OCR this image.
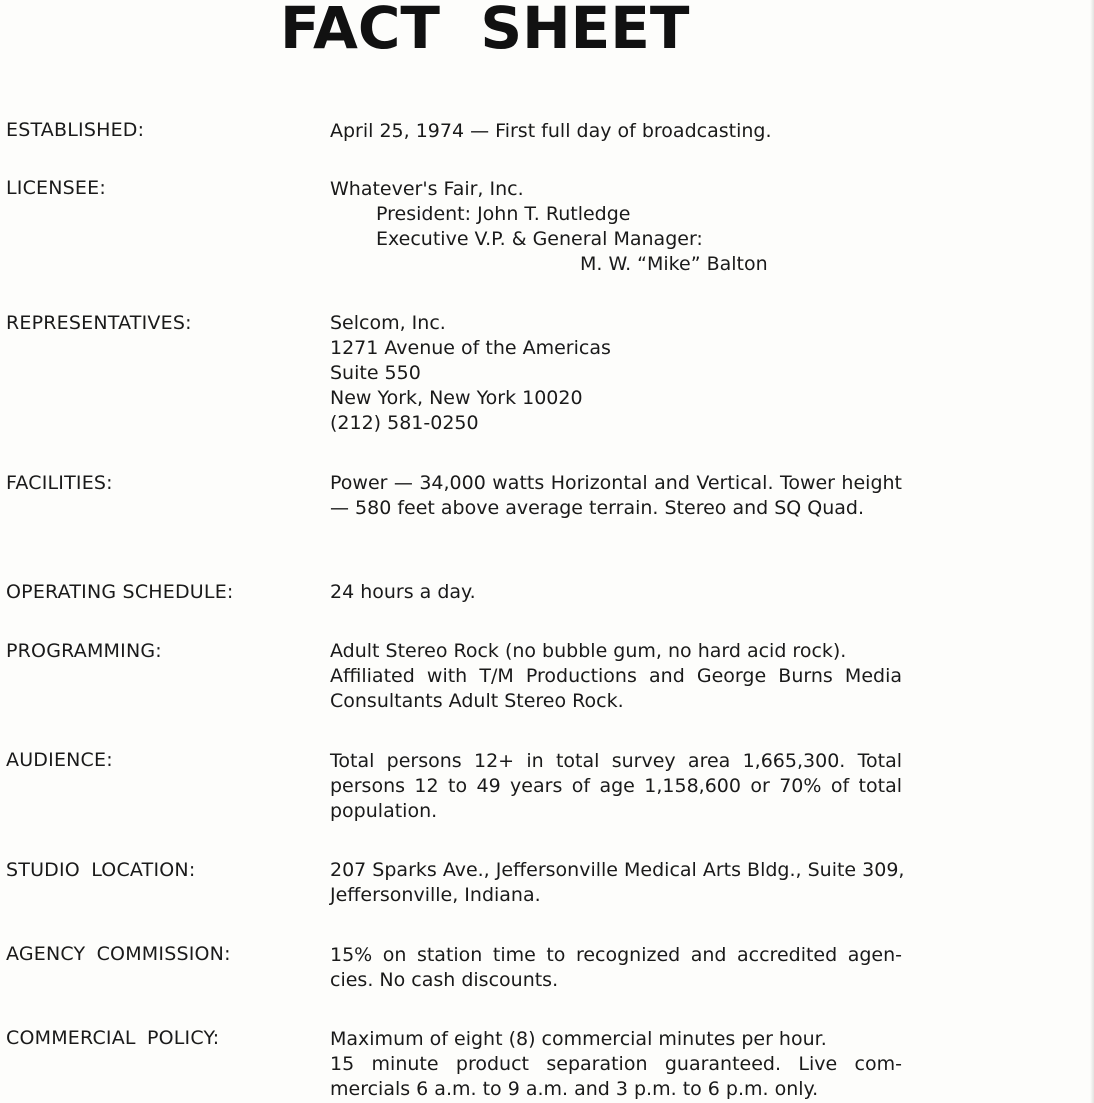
FACT  SHEET
ESTABLISHED:	April 25, 1974 — First full day of broadcasting.
LICENSEE:	Whatever's Fair, Inc.
President: John T. Rutledge
Executive V.P. & General Manager:
M. W. “Mike” Balton
REPRESENTATIVES:	Selcom, Inc.
1271 Avenue of the Americas
Suite 550
New York, New York 10020
(212) 581-0250
FACILITIES:	Power — 34,000 watts Horizontal and Vertical. Tower height — 580 feet above average terrain. Stereo and SQ Quad.
OPERATING SCHEDULE:	24 hours a day.
PROGRAMMING:	Adult Stereo Rock (no bubble gum, no hard acid rock).
Affiliated with T/M Productions and George Burns Media Consultants Adult Stereo Rock.
AUDIENCE:	Total persons 12+ in total survey area 1,665,300. Total persons 12 to 49 years of age 1,158,600 or 70% of total population.
STUDIO LOCATION:	207 Sparks Ave., Jeffersonville Medical Arts Bldg., Suite 309,
Jeffersonville, Indiana.
AGENCY COMMISSION:	15% on station time to recognized and accredited agen-cies. No cash discounts.
COMMERCIAL POLICY:	Maximum of eight (8) commercial minutes per hour.
15 minute product separation guaranteed. Live com-mercials 6 a.m. to 9 a.m. and 3 p.m. to 6 p.m. only.
